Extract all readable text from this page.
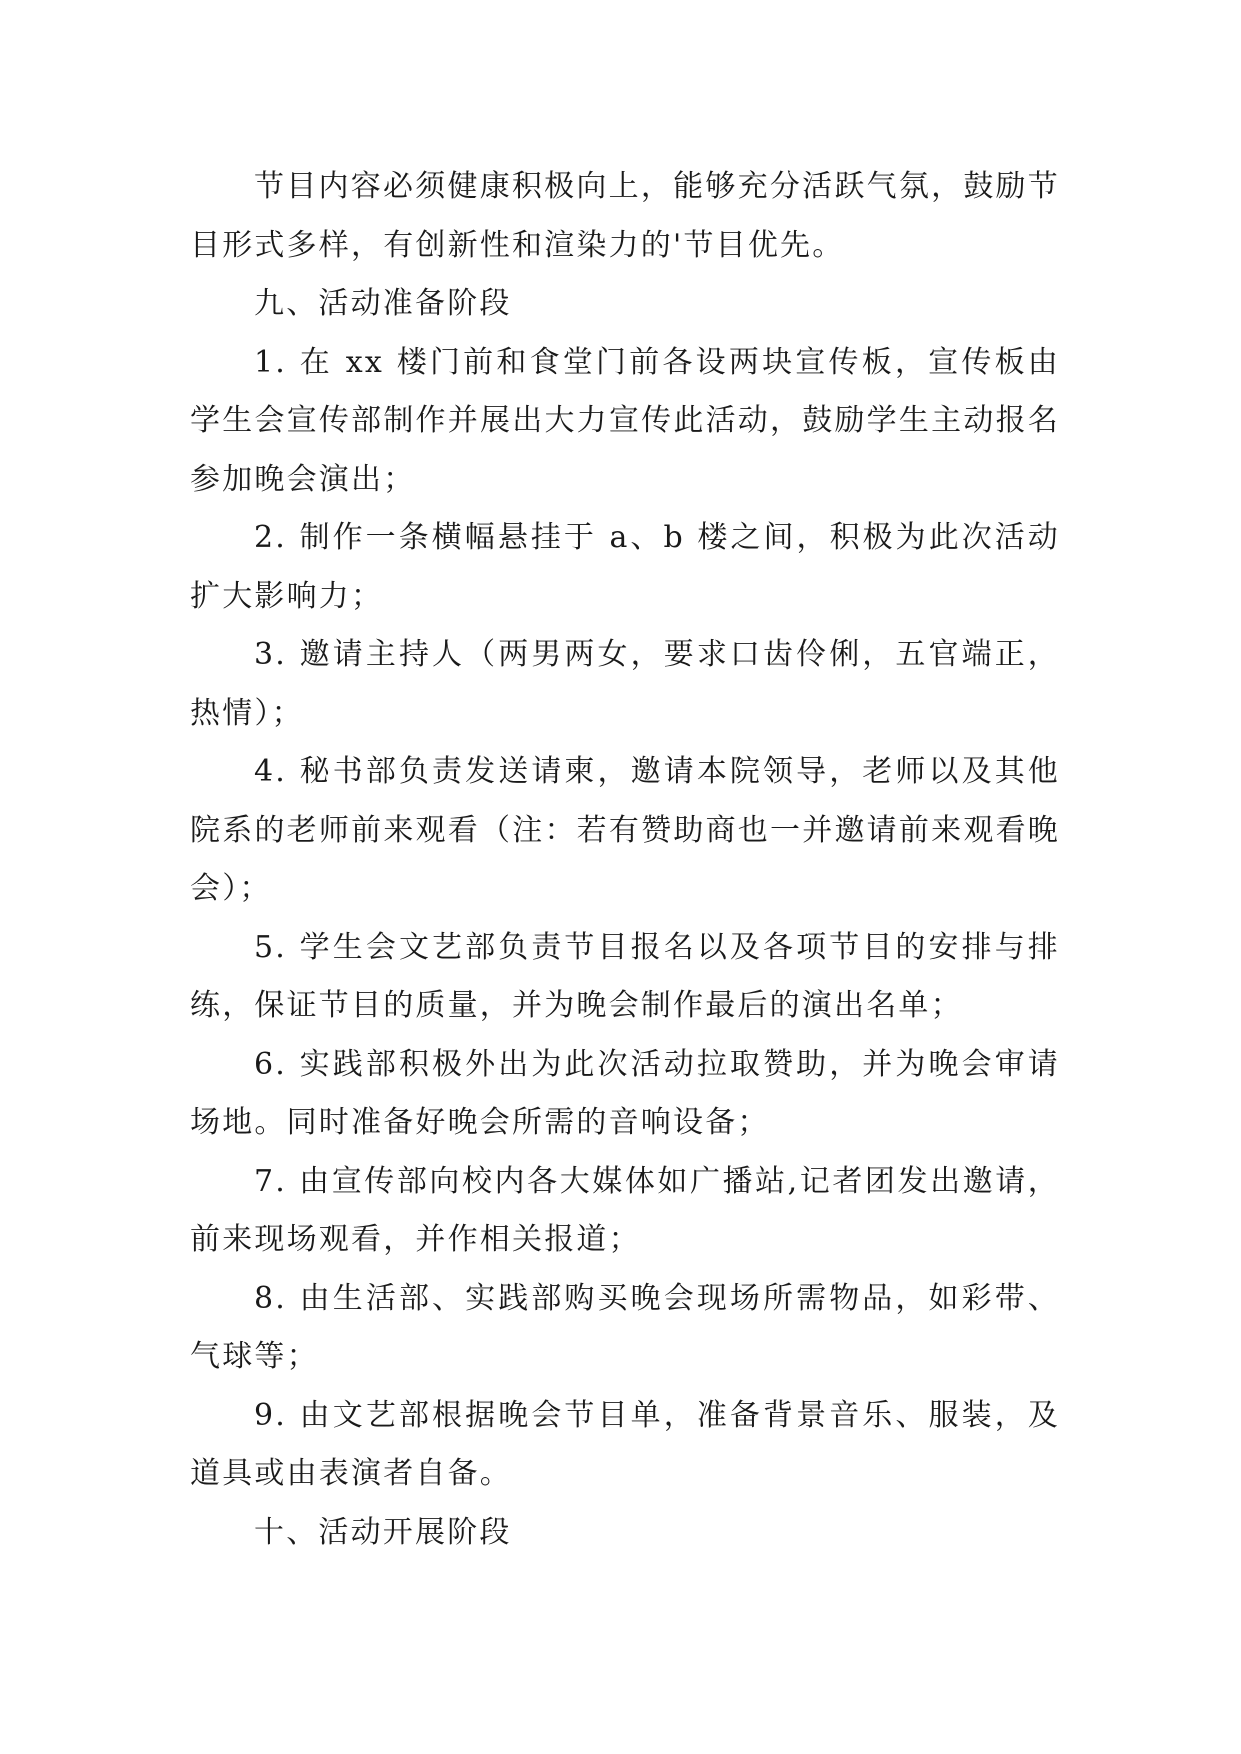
节目内容必须健康积极向上，能够充分活跃气氛，鼓励节目形式多样，有创新性和渲染力的'节目优先。

九、活动准备阶段

1. 在 xx 楼门前和食堂门前各设两块宣传板，宣传板由学生会宣传部制作并展出大力宣传此活动，鼓励学生主动报名参加晚会演出；

2. 制作一条横幅悬挂于 a、b 楼之间，积极为此次活动扩大影响力；

3. 邀请主持人（两男两女，要求口齿伶俐，五官端正，热情）；

4. 秘书部负责发送请柬，邀请本院领导，老师以及其他院系的老师前来观看（注：若有赞助商也一并邀请前来观看晚会）；

5. 学生会文艺部负责节目报名以及各项节目的安排与排练，保证节目的质量，并为晚会制作最后的演出名单；

6. 实践部积极外出为此次活动拉取赞助，并为晚会审请场地。同时准备好晚会所需的音响设备；

7. 由宣传部向校内各大媒体如广播站,记者团发出邀请，前来现场观看，并作相关报道；

8. 由生活部、实践部购买晚会现场所需物品，如彩带、气球等；

9. 由文艺部根据晚会节目单，准备背景音乐、服装，及道具或由表演者自备。

十、活动开展阶段
